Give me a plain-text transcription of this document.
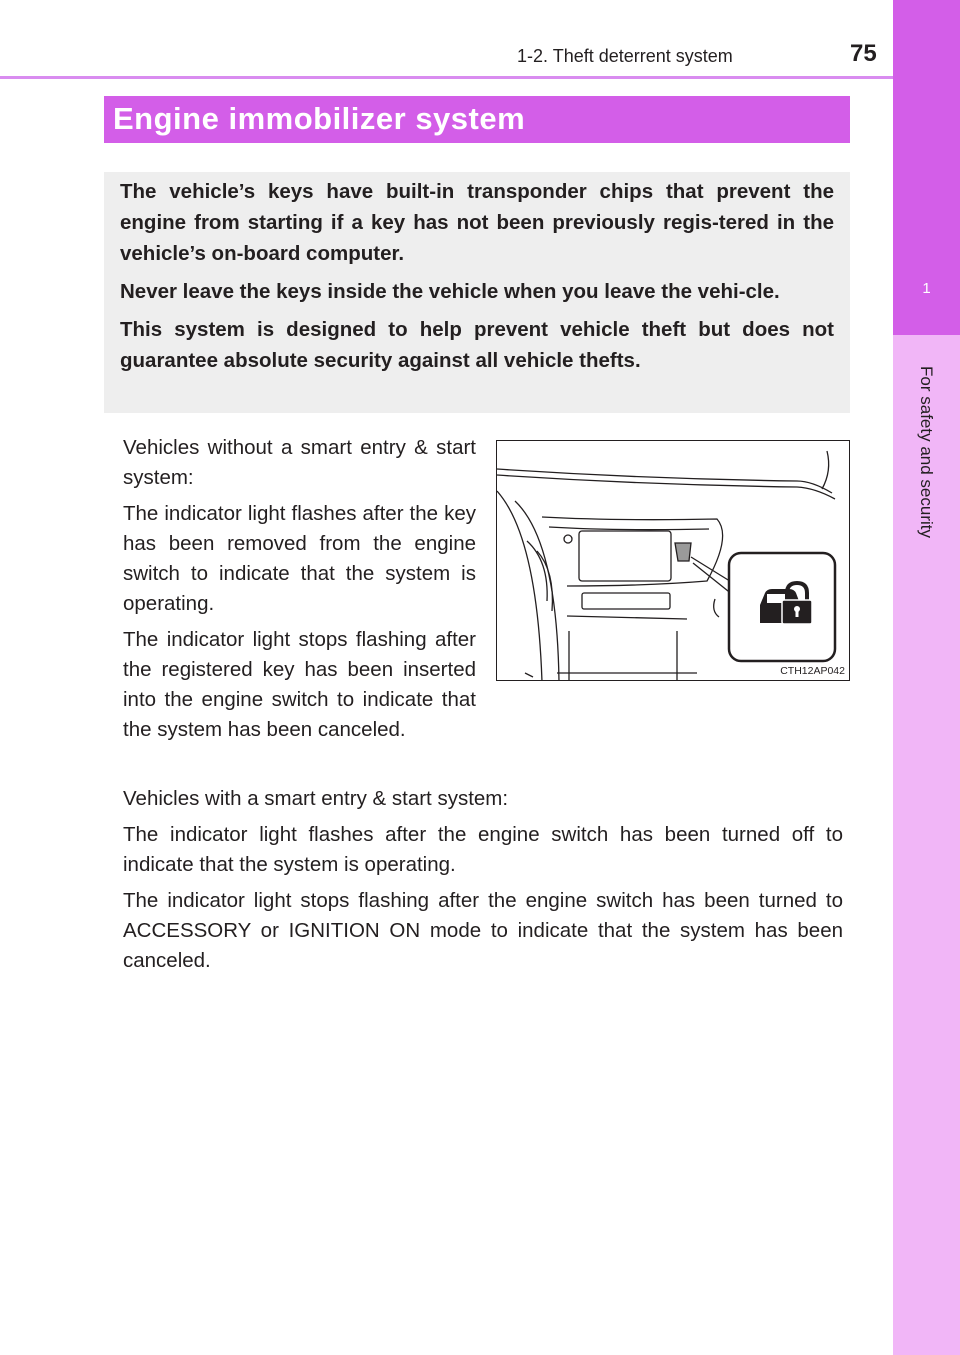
1-2. Theft deterrent system	75
1
For safety and security
Engine immobilizer system

The vehicle’s keys have built-in transponder chips that prevent the engine from starting if a key has not been previously regis-tered in the vehicle’s on-board computer.

Never leave the keys inside the vehicle when you leave the vehi-cle.

This system is designed to help prevent vehicle theft but does not guarantee absolute security against all vehicle thefts.

Vehicles without a smart entry & start system:

The indicator light flashes after the key has been removed from the engine switch to indicate that the system is operating.

The indicator light stops flashing after the registered key has been inserted into the engine switch to indicate that the system has been canceled.

CTH12AP042

Vehicles with a smart entry & start system:

The indicator light flashes after the engine switch has been turned off to indicate that the system is operating.

The indicator light stops flashing after the engine switch has been turned to ACCESSORY or IGNITION ON mode to indicate that the system has been canceled.
